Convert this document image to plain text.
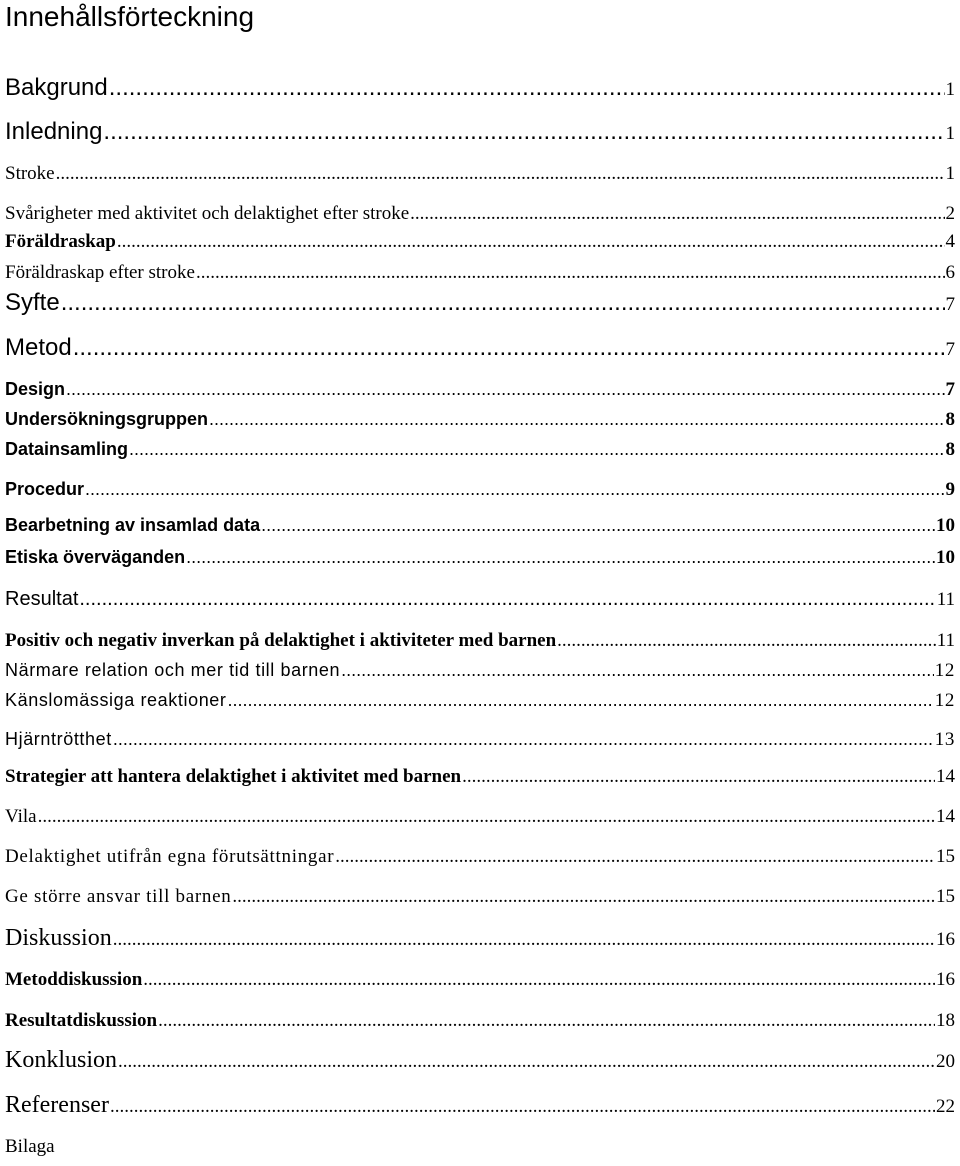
Innehållsförteckning
Bakgrund .....	1
Inledning .....	1
Stroke .....	1
Svårigheter med aktivitet och delaktighet efter stroke .....	2
Föräldraskap .....	4
Föräldraskap efter stroke .....	6
Syfte .....	7
Metod .....	7
Design .....	7
Undersökningsgruppen .....	8
Datainsamling .....	8
Procedur .....	9
Bearbetning av insamlad data .....	10
Etiska överväganden .....	10
Resultat .....	11
Positiv och negativ inverkan på delaktighet i aktiviteter med barnen .....	11
Närmare relation och mer tid till barnen .....	12
Känslomässiga reaktioner .....	12
Hjärntrötthet .....	13
Strategier att hantera delaktighet i aktivitet med barnen .....	14
Vila .....	14
Delaktighet utifrån egna förutsättningar .....	15
Ge större ansvar till barnen .....	15
Diskussion .....	16
Metoddiskussion .....	16
Resultatdiskussion .....	18
Konklusion .....	20
Referenser .....	22
Bilaga
